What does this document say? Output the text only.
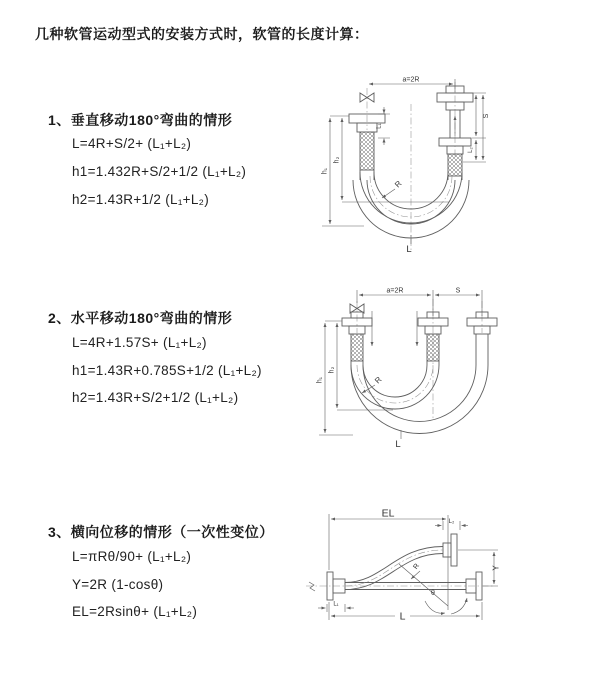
几种软管运动型式的安装方式时，软管的长度计算：
1、垂直移动180°弯曲的情形
L=4R+S/2+ (L₁+L₂)
h1=1.432R+S/2+1/2 (L₁+L₂)
h2=1.43R+1/2 (L₁+L₂)
2、水平移动180°弯曲的情形
L=4R+1.57S+ (L₁+L₂)
h1=1.43R+0.785S+1/2 (L₁+L₂)
h2=1.43R+S/2+1/2 (L₁+L₂)
3、横向位移的情形（一次性变位）
L=πRθ/90+ (L₁+L₂)
Y=2R (1-cosθ)
EL=2Rsinθ+ (L₁+L₂)
a=2R
h₁
h₂
L₁
S
L₂
R
L
a=2R	S
h₁
h₂
R
L
EL
L₂
Y
L
L₁
θ
R
